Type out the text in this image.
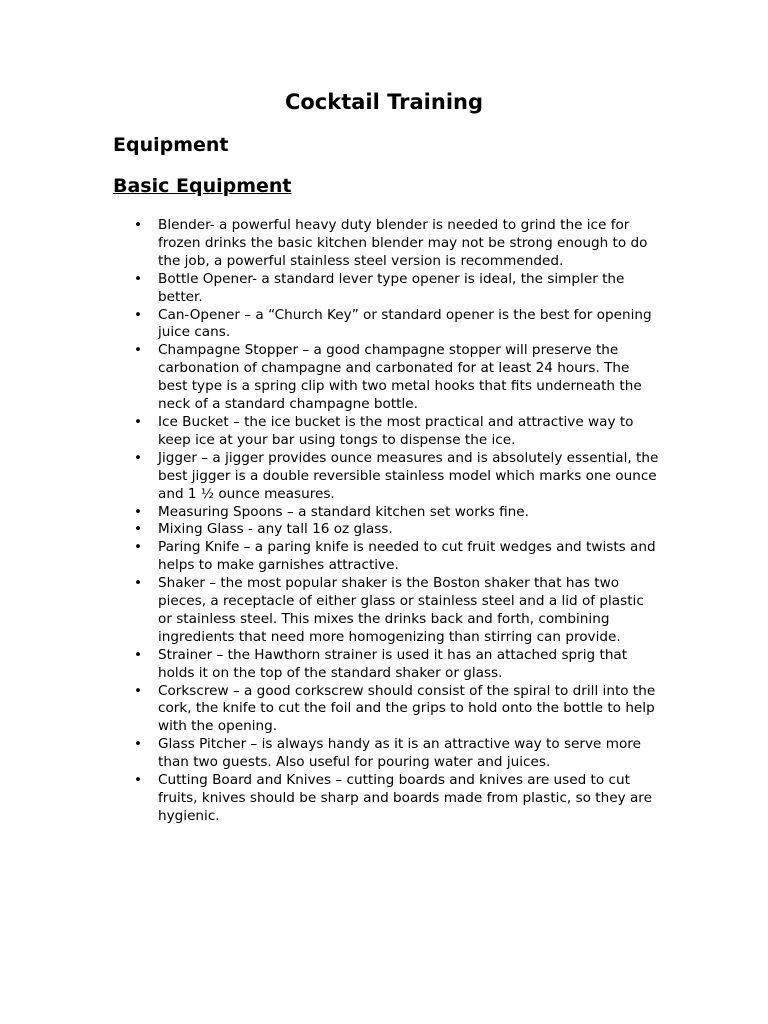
Cocktail Training
Equipment
Basic Equipment
• Blender- a powerful heavy duty blender is needed to grind the ice for frozen drinks the basic kitchen blender may not be strong enough to do the job, a powerful stainless steel version is recommended.
• Bottle Opener- a standard lever type opener is ideal, the simpler the better.
• Can-Opener – a “Church Key” or standard opener is the best for opening juice cans.
• Champagne Stopper – a good champagne stopper will preserve the carbonation of champagne and carbonated for at least 24 hours. The best type is a spring clip with two metal hooks that fits underneath the neck of a standard champagne bottle.
• Ice Bucket – the ice bucket is the most practical and attractive way to keep ice at your bar using tongs to dispense the ice.
• Jigger – a jigger provides ounce measures and is absolutely essential, the best jigger is a double reversible stainless model which marks one ounce and 1 ½ ounce measures.
• Measuring Spoons – a standard kitchen set works fine.
• Mixing Glass - any tall 16 oz glass.
• Paring Knife – a paring knife is needed to cut fruit wedges and twists and helps to make garnishes attractive.
• Shaker – the most popular shaker is the Boston shaker that has two pieces, a receptacle of either glass or stainless steel and a lid of plastic or stainless steel. This mixes the drinks back and forth, combining ingredients that need more homogenizing than stirring can provide.
• Strainer – the Hawthorn strainer is used it has an attached sprig that holds it on the top of the standard shaker or glass.
• Corkscrew – a good corkscrew should consist of the spiral to drill into the cork, the knife to cut the foil and the grips to hold onto the bottle to help with the opening.
• Glass Pitcher – is always handy as it is an attractive way to serve more than two guests. Also useful for pouring water and juices.
• Cutting Board and Knives – cutting boards and knives are used to cut fruits, knives should be sharp and boards made from plastic, so they are hygienic.
